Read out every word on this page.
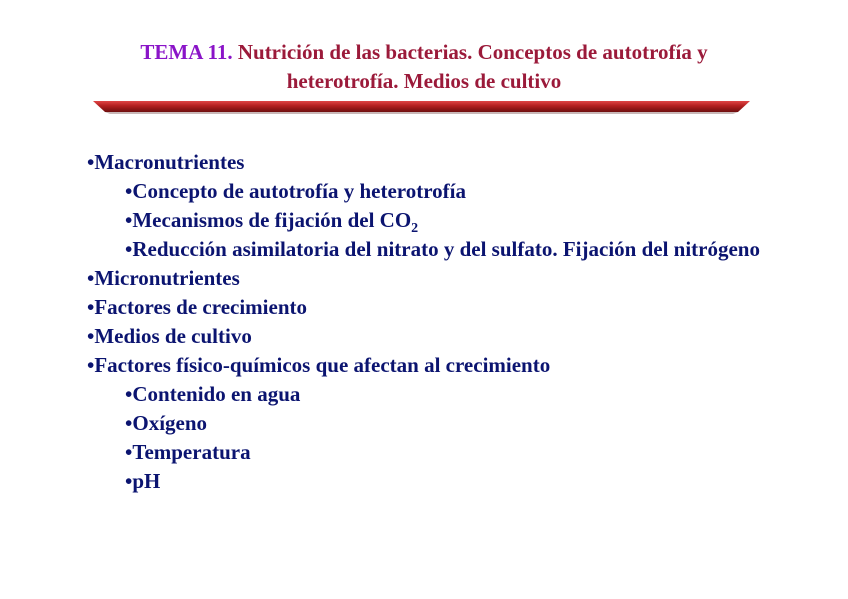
TEMA 11. Nutrición de las bacterias. Conceptos de autotrofía y
heterotrofía. Medios de cultivo
•Macronutrientes
•Concepto de autotrofía y heterotrofía
•Mecanismos de fijación del $CO_2$
•Reducción asimilatoria del nitrato y del sulfato. Fijación del nitrógeno
•Micronutrientes
•Factores de crecimiento
•Medios de cultivo
•Factores físico-químicos que afectan al crecimiento
•Contenido en agua
•Oxígeno
•Temperatura
•pH
